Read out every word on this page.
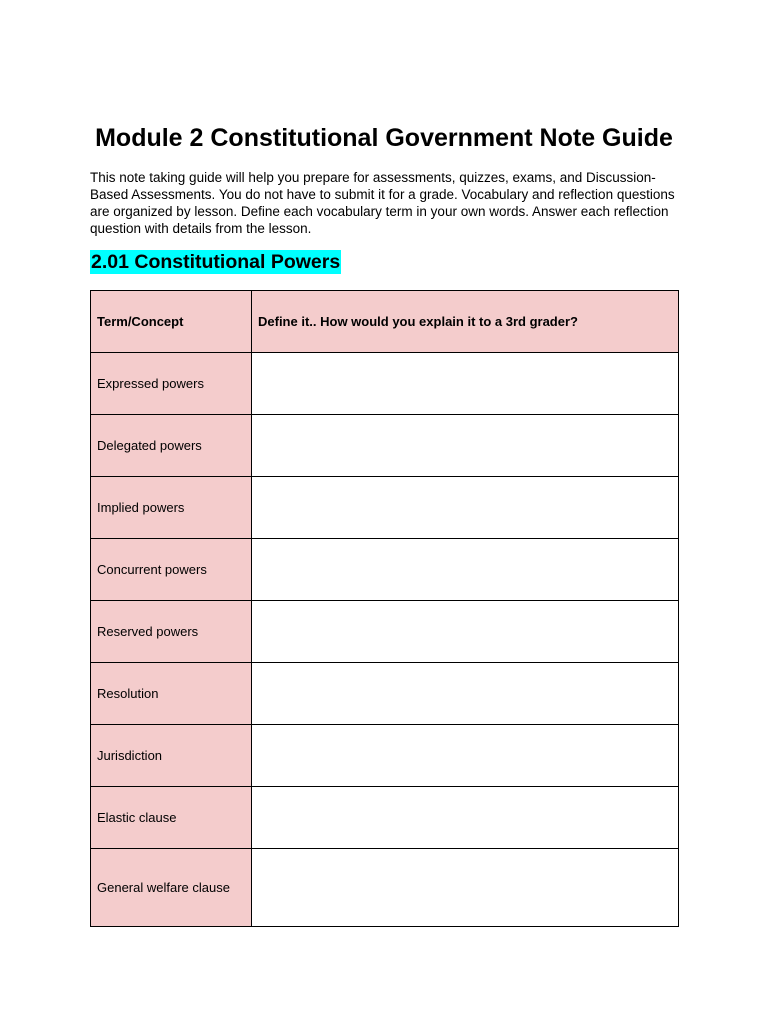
Module 2 Constitutional Government Note Guide

This note taking guide will help you prepare for assessments, quizzes, exams, and Discussion-Based Assessments. You do not have to submit it for a grade. Vocabulary and reflection questions are organized by lesson. Define each vocabulary term in your own words. Answer each reflection question with details from the lesson.

2.01 Constitutional Powers
Term/Concept	Define it.. How would you explain it to a 3rd grader?
Expressed powers	
Delegated powers	
Implied powers	
Concurrent powers	
Reserved powers	
Resolution	
Jurisdiction	
Elastic clause	
General welfare clause	
